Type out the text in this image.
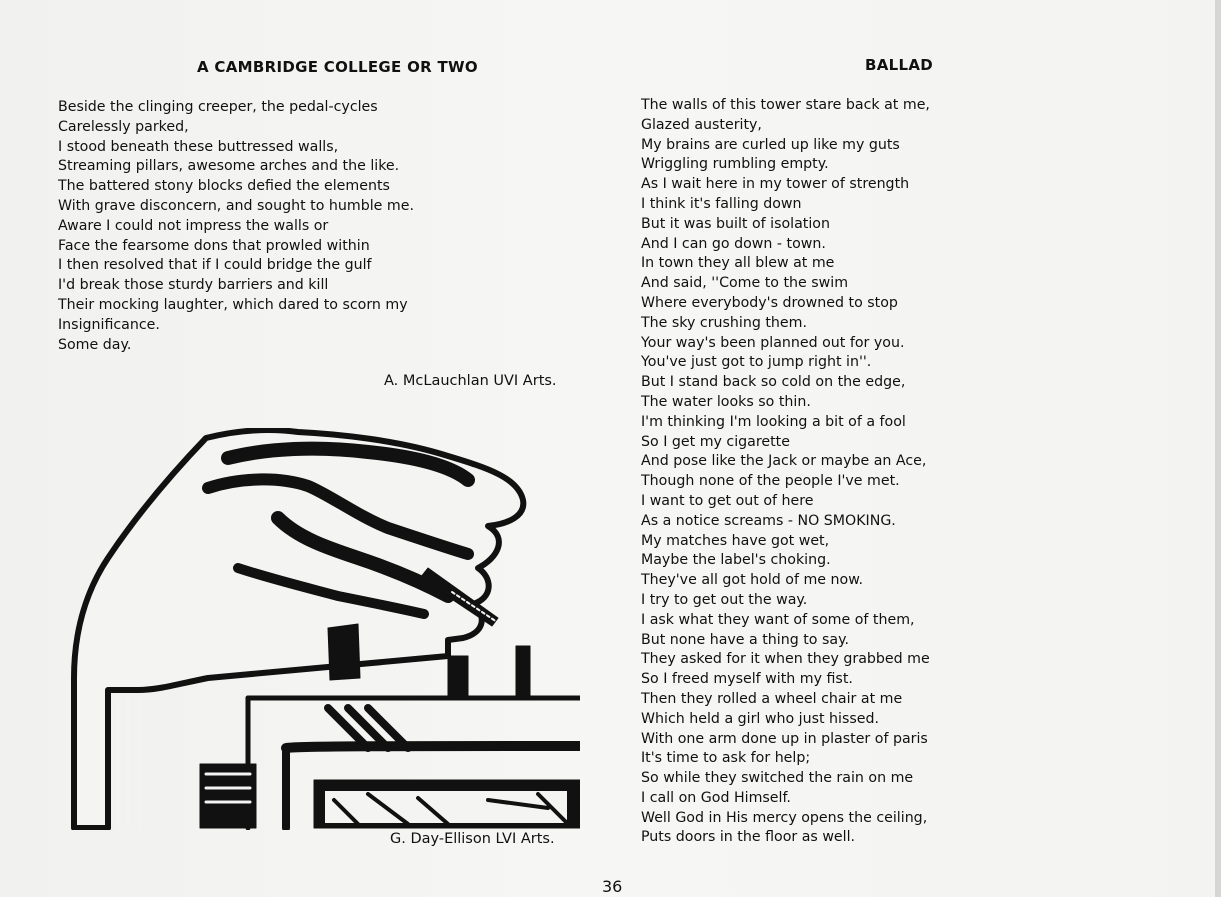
A CAMBRIDGE COLLEGE OR TWO
Beside the clinging creeper, the pedal-cycles
Carelessly parked,
I stood beneath these buttressed walls,
Streaming pillars, awesome arches and the like.
The battered stony blocks defied the elements
With grave disconcern, and sought to humble me.
Aware I could not impress the walls or
Face the fearsome dons that prowled within
I then resolved that if I could bridge the gulf
I'd break those sturdy barriers and kill
Their mocking laughter, which dared to scorn my
Insignificance.
Some day.
A. McLauchlan UVI Arts.
G. Day-Ellison LVI Arts.
BALLAD
The walls of this tower stare back at me,
Glazed austerity,
My brains are curled up like my guts
Wriggling rumbling empty.
As I wait here in my tower of strength
I think it's falling down
But it was built of isolation
And I can go down - town.
In town they all blew at me
And said, ''Come to the swim
Where everybody's drowned to stop
The sky crushing them.
Your way's been planned out for you.
You've just got to jump right in''.
But I stand back so cold on the edge,
The water looks so thin.
I'm thinking I'm looking a bit of a fool
So I get my cigarette
And pose like the Jack or maybe an Ace,
Though none of the people I've met.
I want to get out of here
As a notice screams - NO SMOKING.
My matches have got wet,
Maybe the label's choking.
They've all got hold of me now.
I try to get out the way.
I ask what they want of some of them,
But none have a thing to say.
They asked for it when they grabbed me
So I freed myself with my fist.
Then they rolled a wheel chair at me
Which held a girl who just hissed.
With one arm done up in plaster of paris
It's time to ask for help;
So while they switched the rain on me
I call on God Himself.
Well God in His mercy opens the ceiling,
Puts doors in the floor as well.
36
